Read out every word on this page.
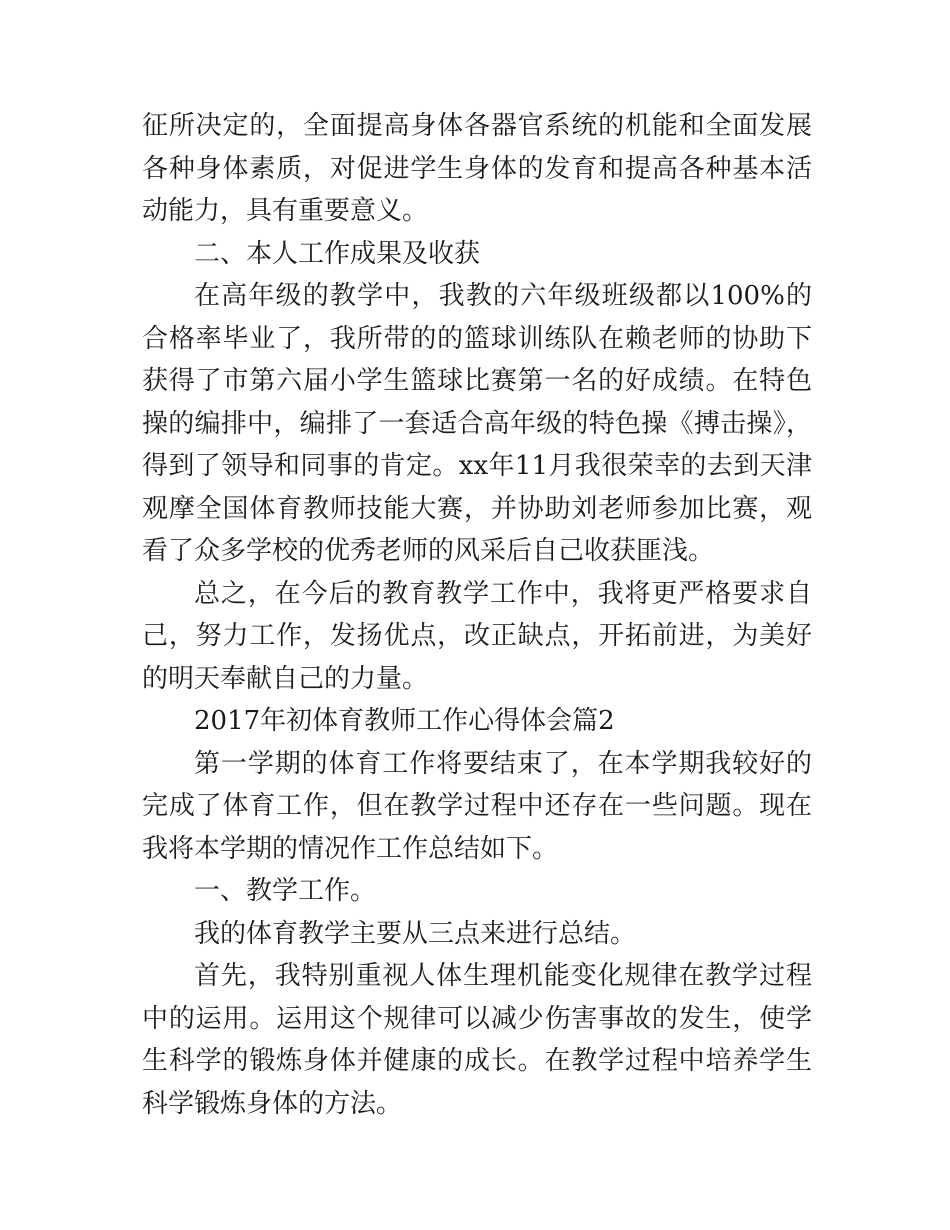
征所决定的，全面提高身体各器官系统的机能和全面发展各种身体素质，对促进学生身体的发育和提高各种基本活动能力，具有重要意义。

二、本人工作成果及收获

在高年级的教学中，我教的六年级班级都以100%的合格率毕业了，我所带的的篮球训练队在赖老师的协助下获得了市第六届小学生篮球比赛第一名的好成绩。在特色操的编排中，编排了一套适合高年级的特色操《搏击操》，得到了领导和同事的肯定。xx年11月我很荣幸的去到天津观摩全国体育教师技能大赛，并协助刘老师参加比赛，观看了众多学校的优秀老师的风采后自己收获匪浅。

总之，在今后的教育教学工作中，我将更严格要求自己，努力工作，发扬优点，改正缺点，开拓前进，为美好的明天奉献自己的力量。

2017年初体育教师工作心得体会篇2

第一学期的体育工作将要结束了，在本学期我较好的完成了体育工作，但在教学过程中还存在一些问题。现在我将本学期的情况作工作总结如下。

一、教学工作。

我的体育教学主要从三点来进行总结。

首先，我特别重视人体生理机能变化规律在教学过程中的运用。运用这个规律可以减少伤害事故的发生，使学生科学的锻炼身体并健康的成长。在教学过程中培养学生科学锻炼身体的方法。
